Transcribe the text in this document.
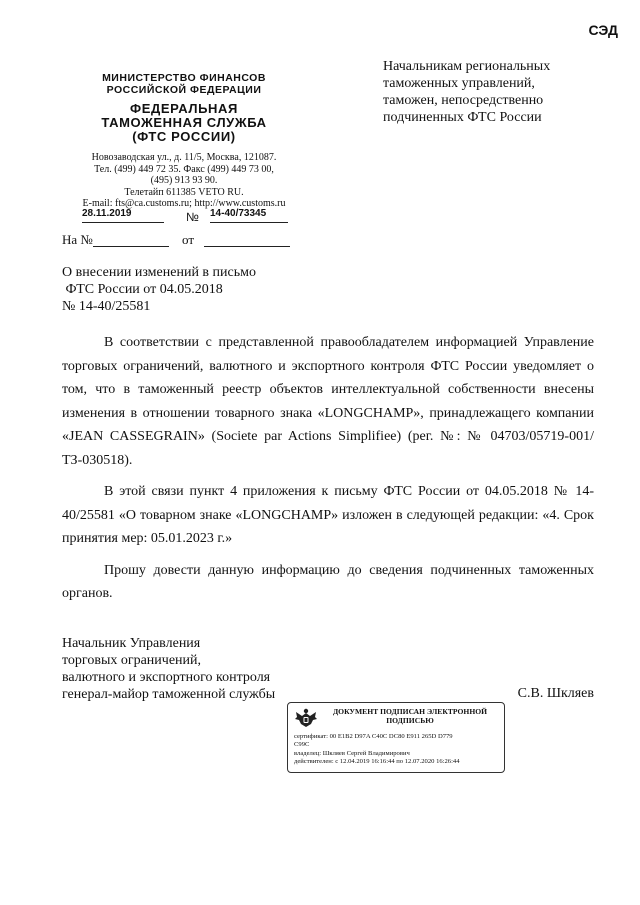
СЭД
МИНИСТЕРСТВО ФИНАНСОВ
РОССИЙСКОЙ ФЕДЕРАЦИИ
ФЕДЕРАЛЬНАЯ
ТАМОЖЕННАЯ СЛУЖБА
(ФТС РОССИИ)
Новозаводская ул., д. 11/5, Москва, 121087.
Тел. (499) 449 72 35. Факс (499) 449 73 00,
(495) 913 93 90.
Телетайп 611385 VETO RU.
E-mail: fts@ca.customs.ru; http://www.customs.ru
28.11.2019	№ 14-40/73345
На №	от
Начальникам региональных
таможенных управлений,
таможен, непосредственно
подчиненных ФТС России
О внесении изменений в письмо
ФТС России от 04.05.2018
№ 14-40/25581

В соответствии с представленной правообладателем информацией Управление торговых ограничений, валютного и экспортного контроля ФТС России уведомляет о том, что в таможенный реестр объектов интеллектуальной собственности внесены изменения в отношении товарного знака «LONGCHAMP», принадлежащего компании «JEAN CASSEGRAIN» (Societe par Actions Simplifiee) (рег. №: № 04703/05719-001/ТЗ-030518).

В этой связи пункт 4 приложения к письму ФТС России от 04.05.2018 № 14-40/25581 «О товарном знаке «LONGCHAMP» изложен в следующей редакции: «4. Срок принятия мер: 05.01.2023 г.»

Прошу довести данную информацию до сведения подчиненных таможенных органов.

Начальник Управления
торговых ограничений,
валютного и экспортного контроля
генерал-майор таможенной службы	С.В. Шкляев
ДОКУМЕНТ ПОДПИСАН ЭЛЕКТРОННОЙ
ПОДПИСЬЮ
сертификат: 00 E1B2 D97A C40C DC80 E911 265D D779
C99C
владелец: Шкляев Сергей Владимирович
действителен: с 12.04.2019 16:16:44 по 12.07.2020 16:26:44
